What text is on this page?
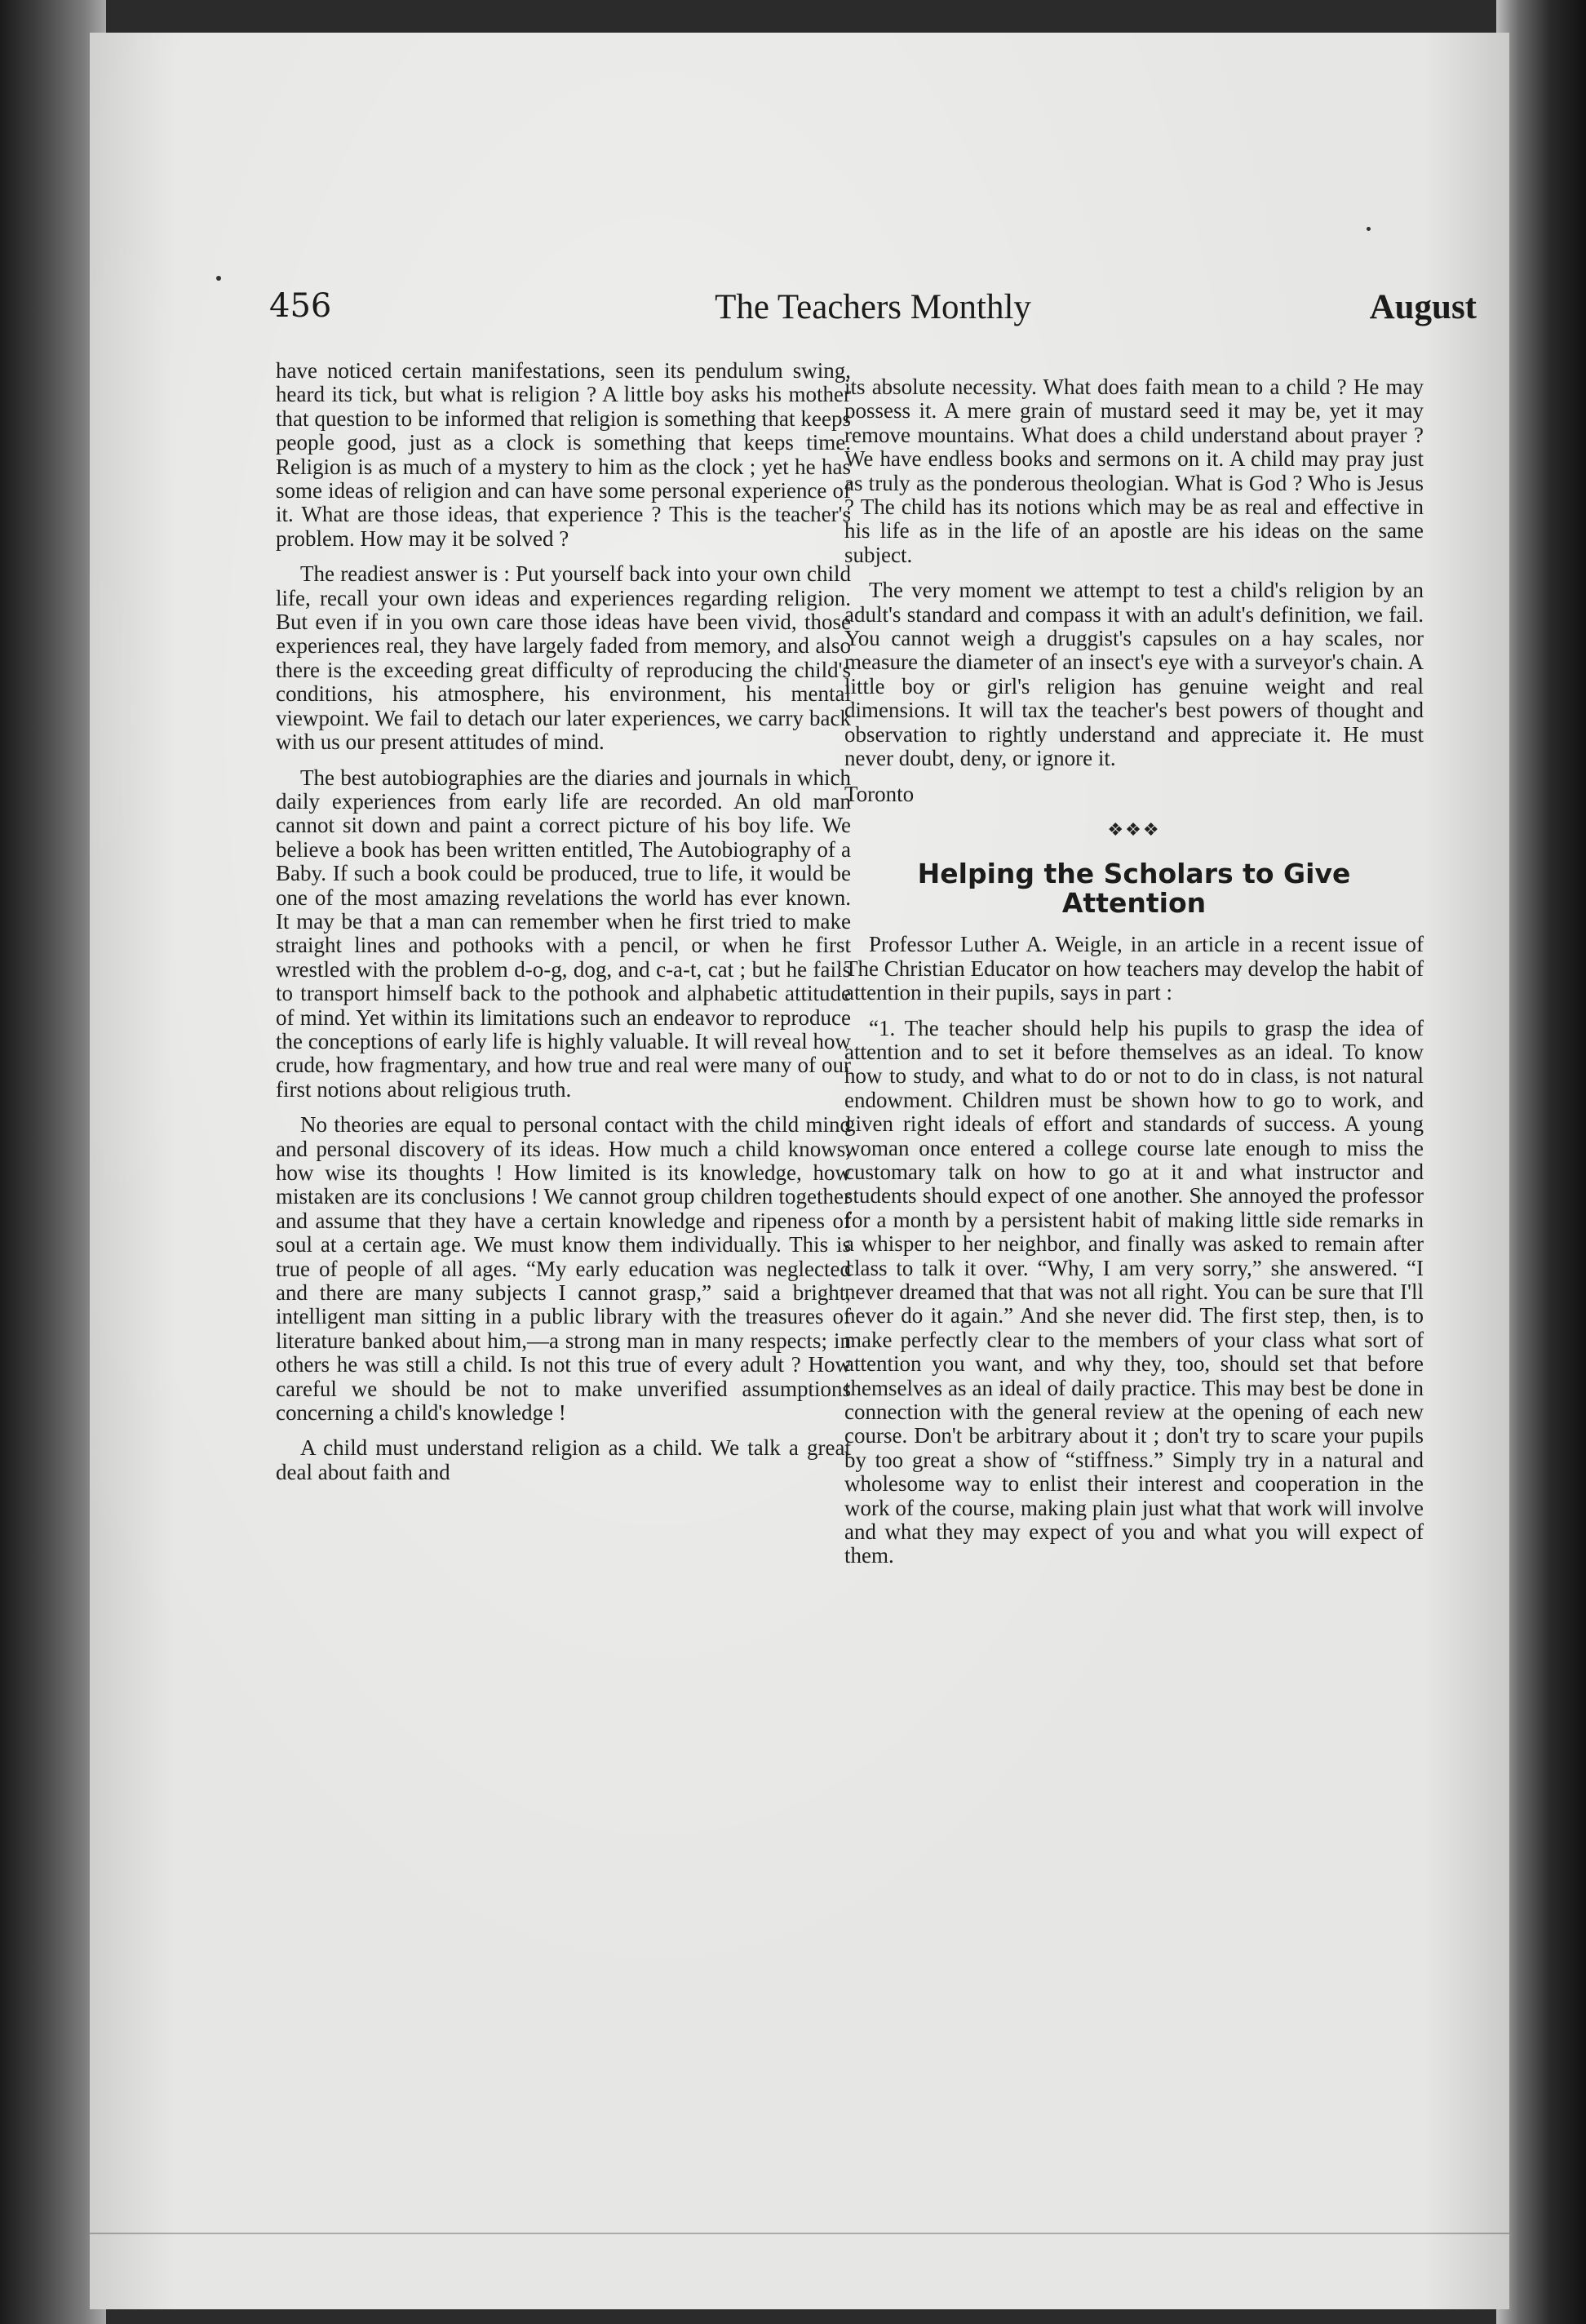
456	The Teachers Monthly	August

have noticed certain manifestations, seen its pendulum swing, heard its tick, but what is religion ? A little boy asks his mother that question to be informed that religion is something that keeps people good, just as a clock is something that keeps time. Religion is as much of a mystery to him as the clock ; yet he has some ideas of religion and can have some personal experience of it. What are those ideas, that experience ? This is the teacher's problem. How may it be solved ?

The readiest answer is : Put yourself back into your own child life, recall your own ideas and experiences regarding religion. But even if in you own care those ideas have been vivid, those experiences real, they have largely faded from memory, and also there is the exceeding great difficulty of reproducing the child's conditions, his atmosphere, his environment, his mental viewpoint. We fail to detach our later experiences, we carry back with us our present attitudes of mind.

The best autobiographies are the diaries and journals in which daily experiences from early life are recorded. An old man cannot sit down and paint a correct picture of his boy life. We believe a book has been written entitled, The Autobiography of a Baby. If such a book could be produced, true to life, it would be one of the most amazing revelations the world has ever known. It may be that a man can remember when he first tried to make straight lines and pothooks with a pencil, or when he first wrestled with the problem d-o-g, dog, and c-a-t, cat ; but he fails to transport himself back to the pothook and alphabetic attitude of mind. Yet within its limitations such an endeavor to reproduce the conceptions of early life is highly valuable. It will reveal how crude, how fragmentary, and how true and real were many of our first notions about religious truth.

No theories are equal to personal contact with the child mind and personal discovery of its ideas. How much a child knows, how wise its thoughts ! How limited is its knowledge, how mistaken are its conclusions ! We cannot group children together and assume that they have a certain knowledge and ripeness of soul at a certain age. We must know them individually. This is true of people of all ages. “My early education was neglected and there are many subjects I cannot grasp,” said a bright, intelligent man sitting in a public library with the treasures of literature banked about him,—a strong man in many respects; in others he was still a child. Is not this true of every adult ? How careful we should be not to make unverified assumptions concerning a child's knowledge !

A child must understand religion as a child. We talk a great deal about faith and

its absolute necessity. What does faith mean to a child ? He may possess it. A mere grain of mustard seed it may be, yet it may remove mountains. What does a child understand about prayer ? We have endless books and sermons on it. A child may pray just as truly as the ponderous theologian. What is God ? Who is Jesus ? The child has its notions which may be as real and effective in his life as in the life of an apostle are his ideas on the same subject.

The very moment we attempt to test a child's religion by an adult's standard and compass it with an adult's definition, we fail. You cannot weigh a druggist's capsules on a hay scales, nor measure the diameter of an insect's eye with a surveyor's chain. A little boy or girl's religion has genuine weight and real dimensions. It will tax the teacher's best powers of thought and observation to rightly understand and appreciate it. He must never doubt, deny, or ignore it.

Toronto

❖❖❖
Helping the Scholars to Give Attention

Professor Luther A. Weigle, in an article in a recent issue of The Christian Educator on how teachers may develop the habit of attention in their pupils, says in part :

“1. The teacher should help his pupils to grasp the idea of attention and to set it before themselves as an ideal. To know how to study, and what to do or not to do in class, is not natural endowment. Children must be shown how to go to work, and given right ideals of effort and standards of success. A young woman once entered a college course late enough to miss the customary talk on how to go at it and what instructor and students should expect of one another. She annoyed the professor for a month by a persistent habit of making little side remarks in a whisper to her neighbor, and finally was asked to remain after class to talk it over. “Why, I am very sorry,” she answered. “I never dreamed that that was not all right. You can be sure that I'll never do it again.” And she never did. The first step, then, is to make perfectly clear to the members of your class what sort of attention you want, and why they, too, should set that before themselves as an ideal of daily practice. This may best be done in connection with the general review at the opening of each new course. Don't be arbitrary about it ; don't try to scare your pupils by too great a show of “stiffness.” Simply try in a natural and wholesome way to enlist their interest and cooperation in the work of the course, making plain just what that work will involve and what they may expect of you and what you will expect of them.
